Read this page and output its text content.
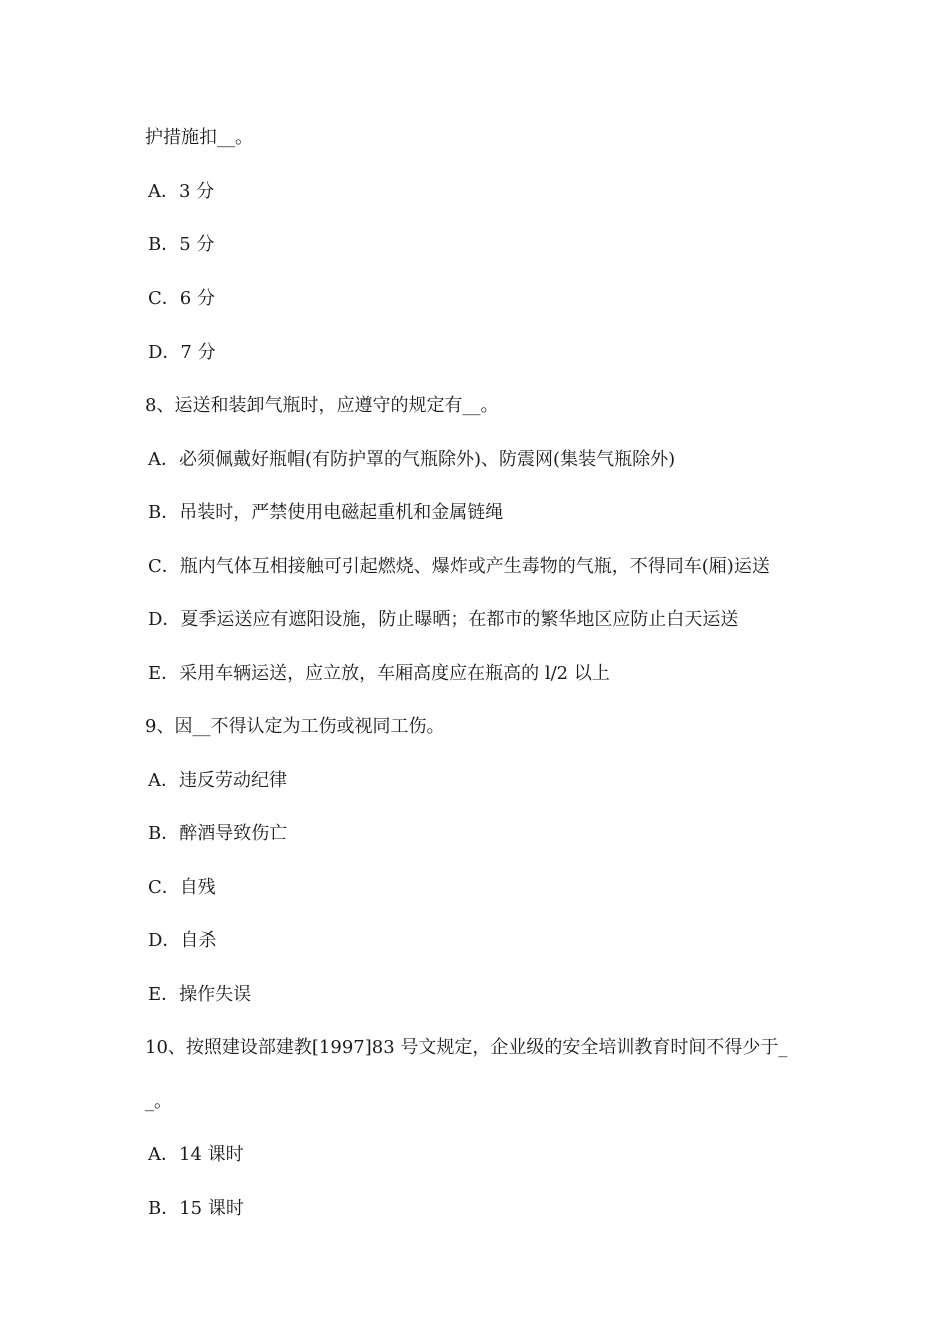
护措施扣__。
A．3 分
B．5 分
C．6 分
D．7 分
8、运送和装卸气瓶时，应遵守的规定有__。
A．必须佩戴好瓶帽(有防护罩的气瓶除外)、防震网(集装气瓶除外)
B．吊装时，严禁使用电磁起重机和金属链绳
C．瓶内气体互相接触可引起燃烧、爆炸或产生毒物的气瓶，不得同车(厢)运送
D．夏季运送应有遮阳设施，防止曝晒；在都市的繁华地区应防止白天运送
E．采用车辆运送，应立放，车厢高度应在瓶高的 l/2 以上
9、因__不得认定为工伤或视同工伤。
A．违反劳动纪律
B．醉酒导致伤亡
C．自残
D．自杀
E．操作失误
10、按照建设部建教[1997]83 号文规定，企业级的安全培训教育时间不得少于_
_。
A．14 课时
B．15 课时
